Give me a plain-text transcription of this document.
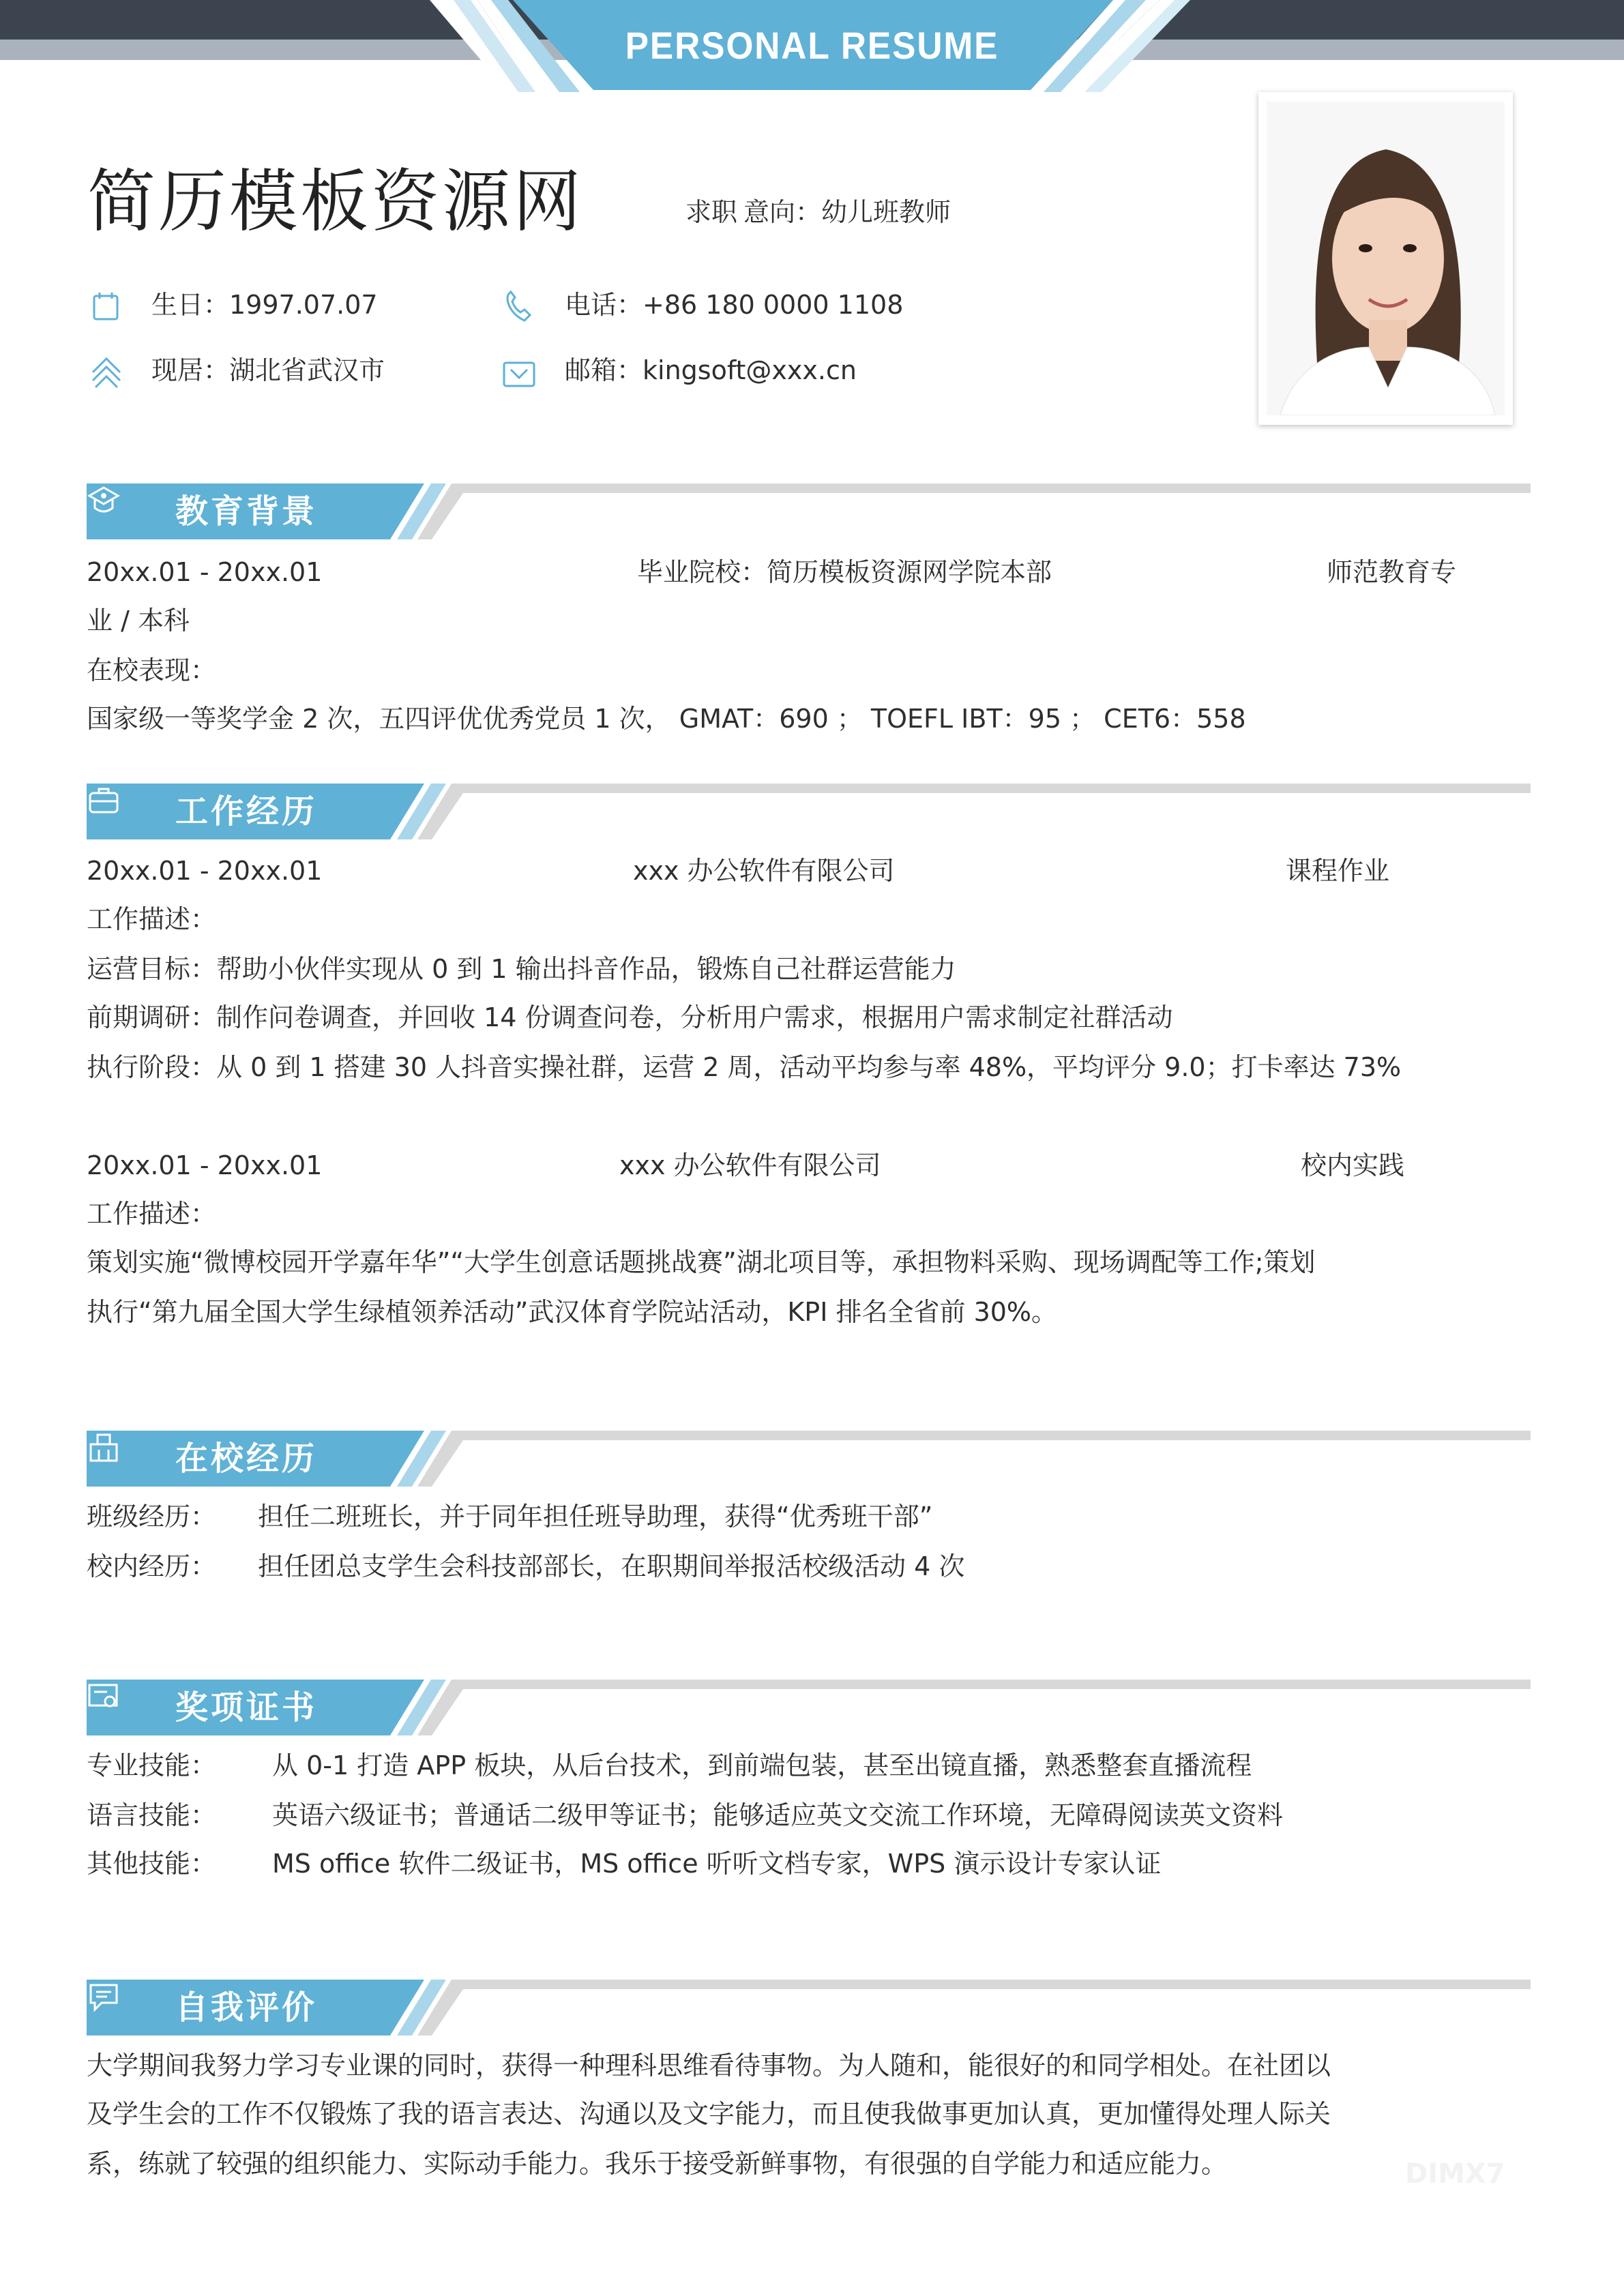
PERSONAL RESUME
简历模板资源网	求职 意向：幼儿班教师
生日：1997.07.07	电话：+86 180 0000 1108
现居：湖北省武汉市	邮箱：kingsoft@xxx.cn
教育背景
20xx.01 - 20xx.01	毕业院校：简历模板资源网学院本部	师范教育专
业 / 本科
在校表现：
国家级一等奖学金 2 次，五四评优优秀党员 1 次， GMAT：690 ； TOEFL IBT：95 ； CET6：558
工作经历
20xx.01 - 20xx.01	xxx 办公软件有限公司	课程作业
工作描述：
运营目标：帮助小伙伴实现从 0 到 1 输出抖音作品，锻炼自己社群运营能力
前期调研：制作问卷调查，并回收 14 份调查问卷，分析用户需求，根据用户需求制定社群活动
执行阶段：从 0 到 1 搭建 30 人抖音实操社群，运营 2 周，活动平均参与率 48%，平均评分 9.0；打卡率达 73%
20xx.01 - 20xx.01	xxx 办公软件有限公司	校内实践
工作描述：
策划实施“微博校园开学嘉年华”“大学生创意话题挑战赛”湖北项目等，承担物料采购、现场调配等工作;策划
执行“第九届全国大学生绿植领养活动”武汉体育学院站活动，KPI 排名全省前 30%。
在校经历
班级经历： 担任二班班长，并于同年担任班导助理，获得“优秀班干部”
校内经历： 担任团总支学生会科技部部长，在职期间举报活校级活动 4 次
奖项证书
专业技能： 从 0-1 打造 APP 板块，从后台技术，到前端包装，甚至出镜直播，熟悉整套直播流程
语言技能： 英语六级证书；普通话二级甲等证书；能够适应英文交流工作环境，无障碍阅读英文资料
其他技能： MS office 软件二级证书，MS office 听听文档专家，WPS 演示设计专家认证
自我评价
大学期间我努力学习专业课的同时，获得一种理科思维看待事物。为人随和，能很好的和同学相处。在社团以
及学生会的工作不仅锻炼了我的语言表达、沟通以及文字能力，而且使我做事更加认真，更加懂得处理人际关
系，练就了较强的组织能力、实际动手能力。我乐于接受新鲜事物，有很强的自学能力和适应能力。	DIMX7
